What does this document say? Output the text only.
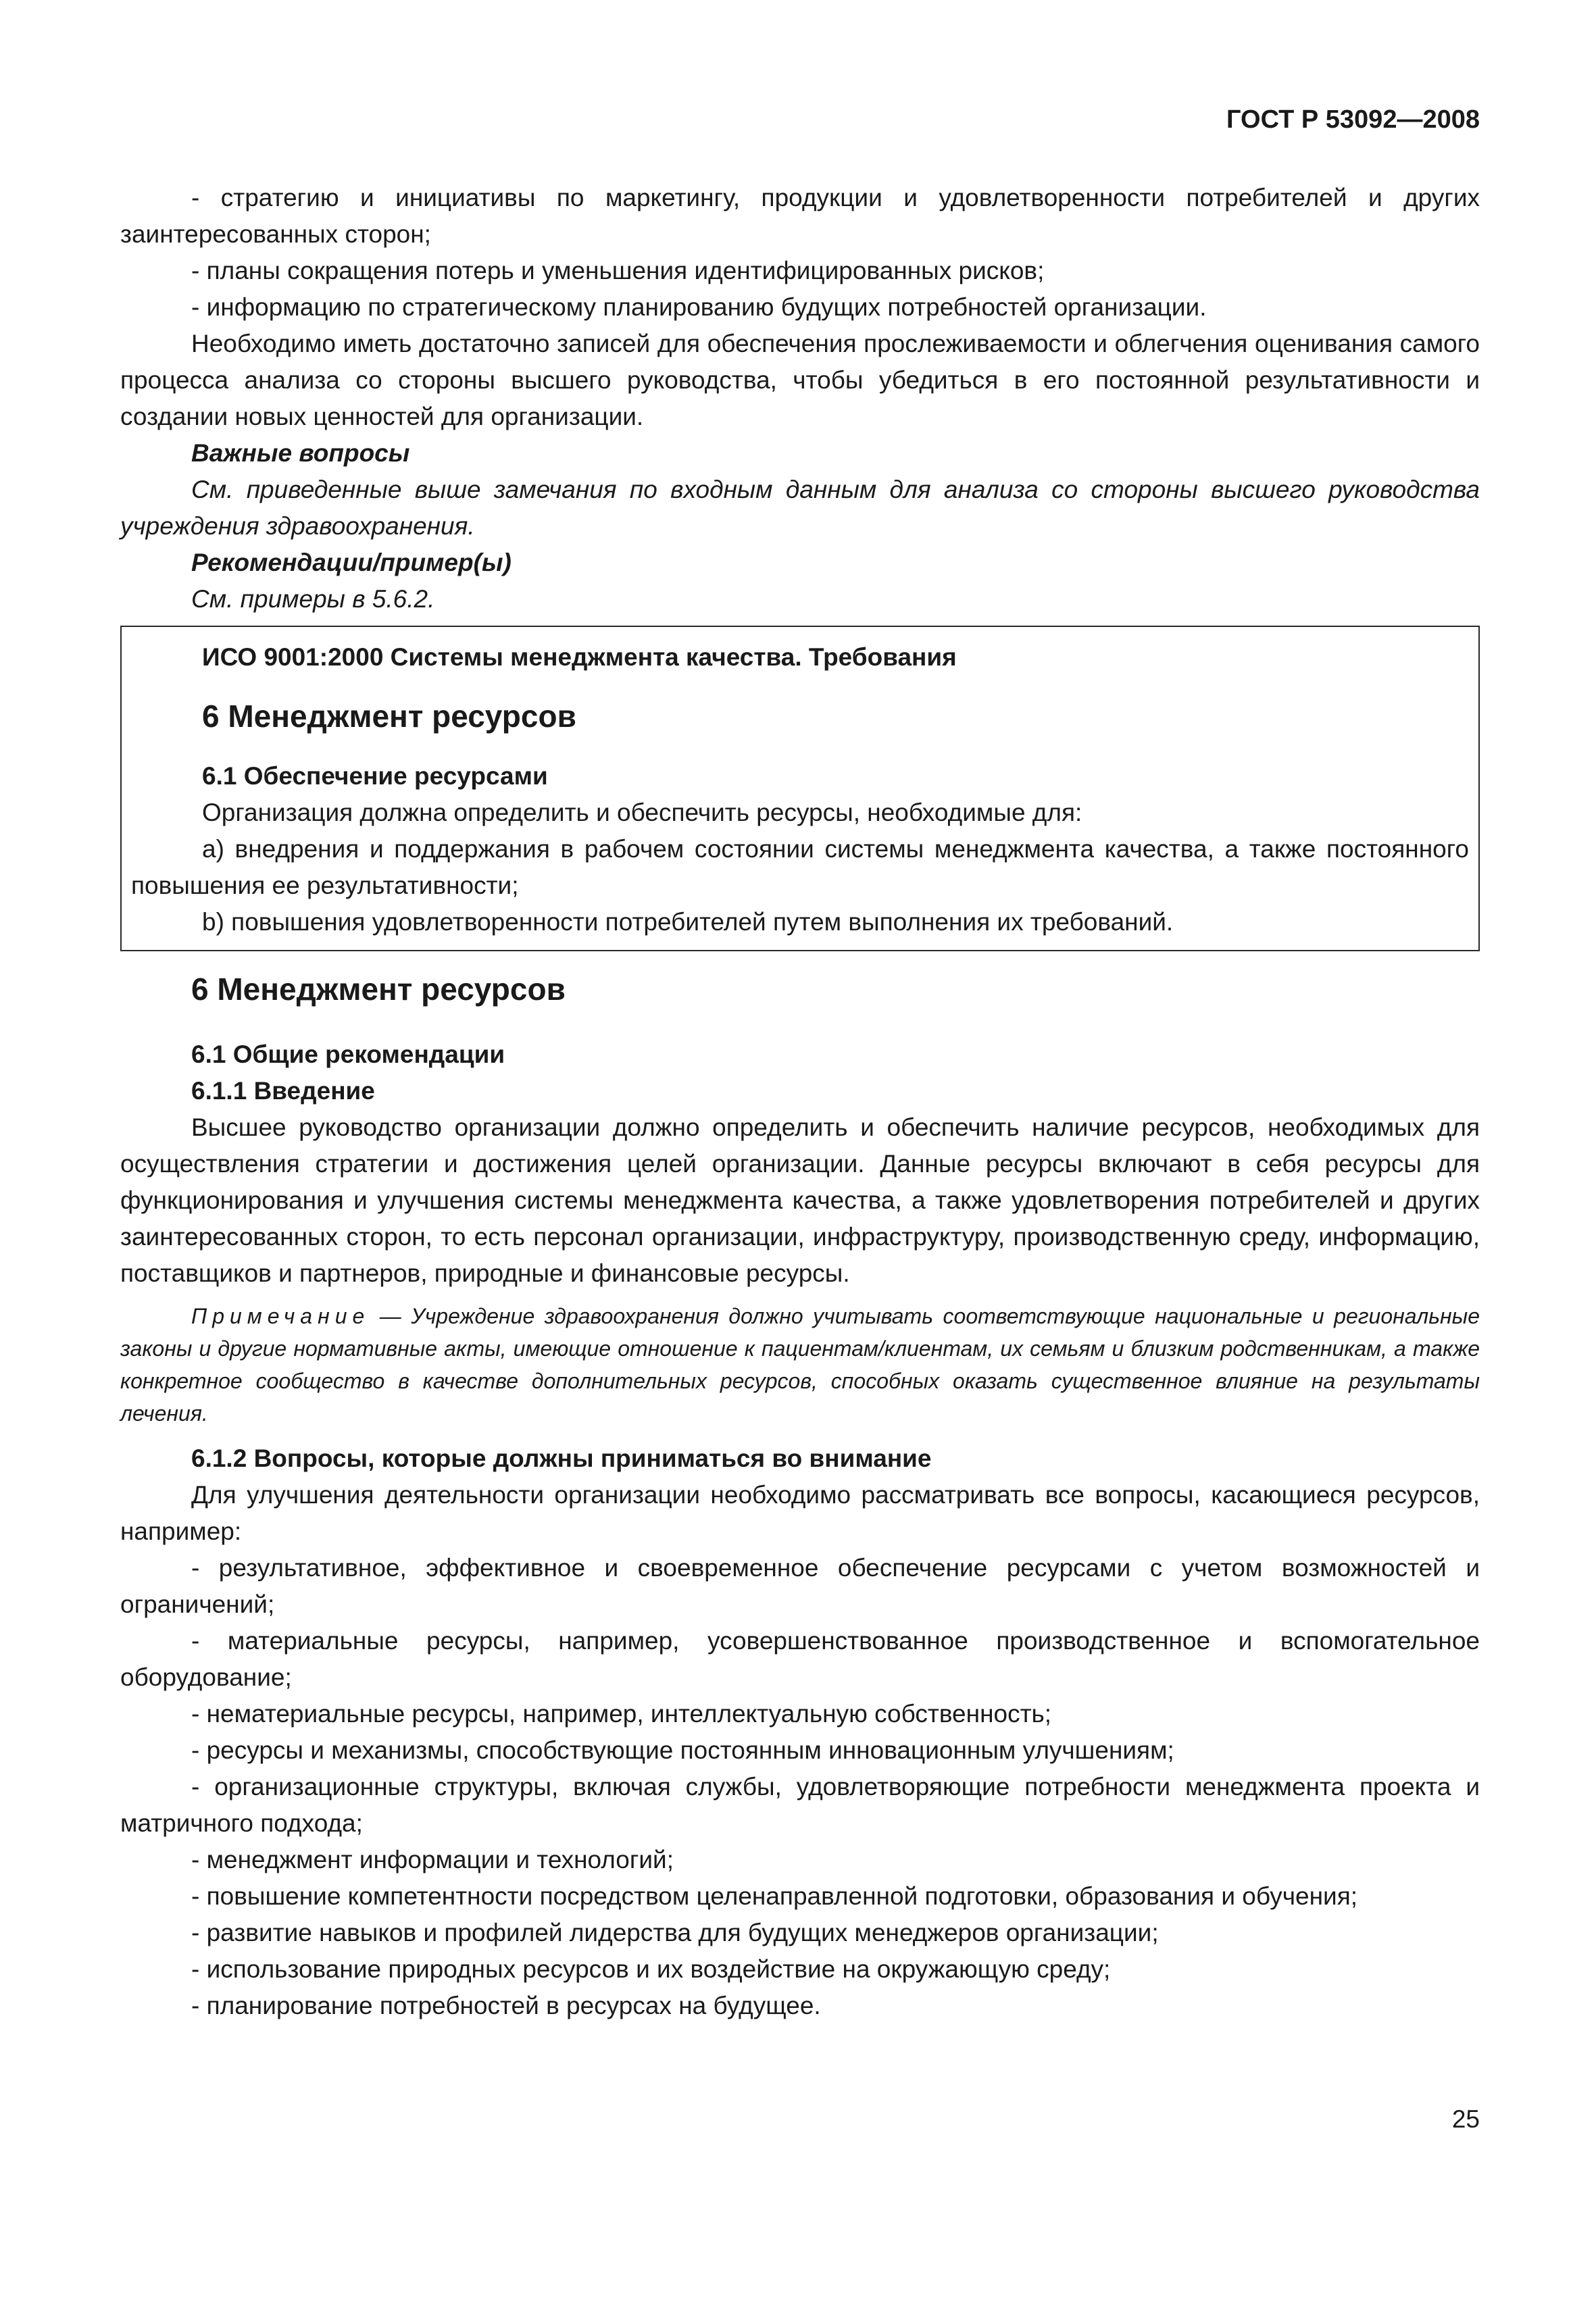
ГОСТ Р 53092—2008

- стратегию и инициативы по маркетингу, продукции и удовлетворенности потребителей и других заинтересованных сторон;

- планы сокращения потерь и уменьшения идентифицированных рисков;

- информацию по стратегическому планированию будущих потребностей организации.

Необходимо иметь достаточно записей для обеспечения прослеживаемости и облегчения оценивания самого процесса анализа со стороны высшего руководства, чтобы убедиться в его постоянной результативности и создании новых ценностей для организации.

Важные вопросы

См. приведенные выше замечания по входным данным для анализа со стороны высшего руководства учреждения здравоохранения.

Рекомендации/пример(ы)

См. примеры в 5.6.2.

ИСО 9001:2000 Системы менеджмента качества. Требования
6 Менеджмент ресурсов
6.1 Обеспечение ресурсами

Организация должна определить и обеспечить ресурсы, необходимые для:

a) внедрения и поддержания в рабочем состоянии системы менеджмента качества, а также постоянного повышения ее результативности;

b) повышения удовлетворенности потребителей путем выполнения их требований.

6 Менеджмент ресурсов
6.1 Общие рекомендации
6.1.1 Введение

Высшее руководство организации должно определить и обеспечить наличие ресурсов, необходимых для осуществления стратегии и достижения целей организации. Данные ресурсы включают в себя ресурсы для функционирования и улучшения системы менеджмента качества, а также удовлетворения потребителей и других заинтересованных сторон, то есть персонал организации, инфраструктуру, производственную среду, информацию, поставщиков и партнеров, природные и финансовые ресурсы.

Примечание — Учреждение здравоохранения должно учитывать соответствующие национальные и региональные законы и другие нормативные акты, имеющие отношение к пациентам/клиентам, их семьям и близким родственникам, а также конкретное сообщество в качестве дополнительных ресурсов, способных оказать существенное влияние на результаты лечения.

6.1.2 Вопросы, которые должны приниматься во внимание

Для улучшения деятельности организации необходимо рассматривать все вопросы, касающиеся ресурсов, например:

- результативное, эффективное и своевременное обеспечение ресурсами с учетом возможностей и ограничений;

- материальные ресурсы, например, усовершенствованное производственное и вспомогательное оборудование;

- нематериальные ресурсы, например, интеллектуальную собственность;

- ресурсы и механизмы, способствующие постоянным инновационным улучшениям;

- организационные структуры, включая службы, удовлетворяющие потребности менеджмента проекта и матричного подхода;

- менеджмент информации и технологий;

- повышение компетентности посредством целенаправленной подготовки, образования и обучения;

- развитие навыков и профилей лидерства для будущих менеджеров организации;

- использование природных ресурсов и их воздействие на окружающую среду;

- планирование потребностей в ресурсах на будущее.

25
